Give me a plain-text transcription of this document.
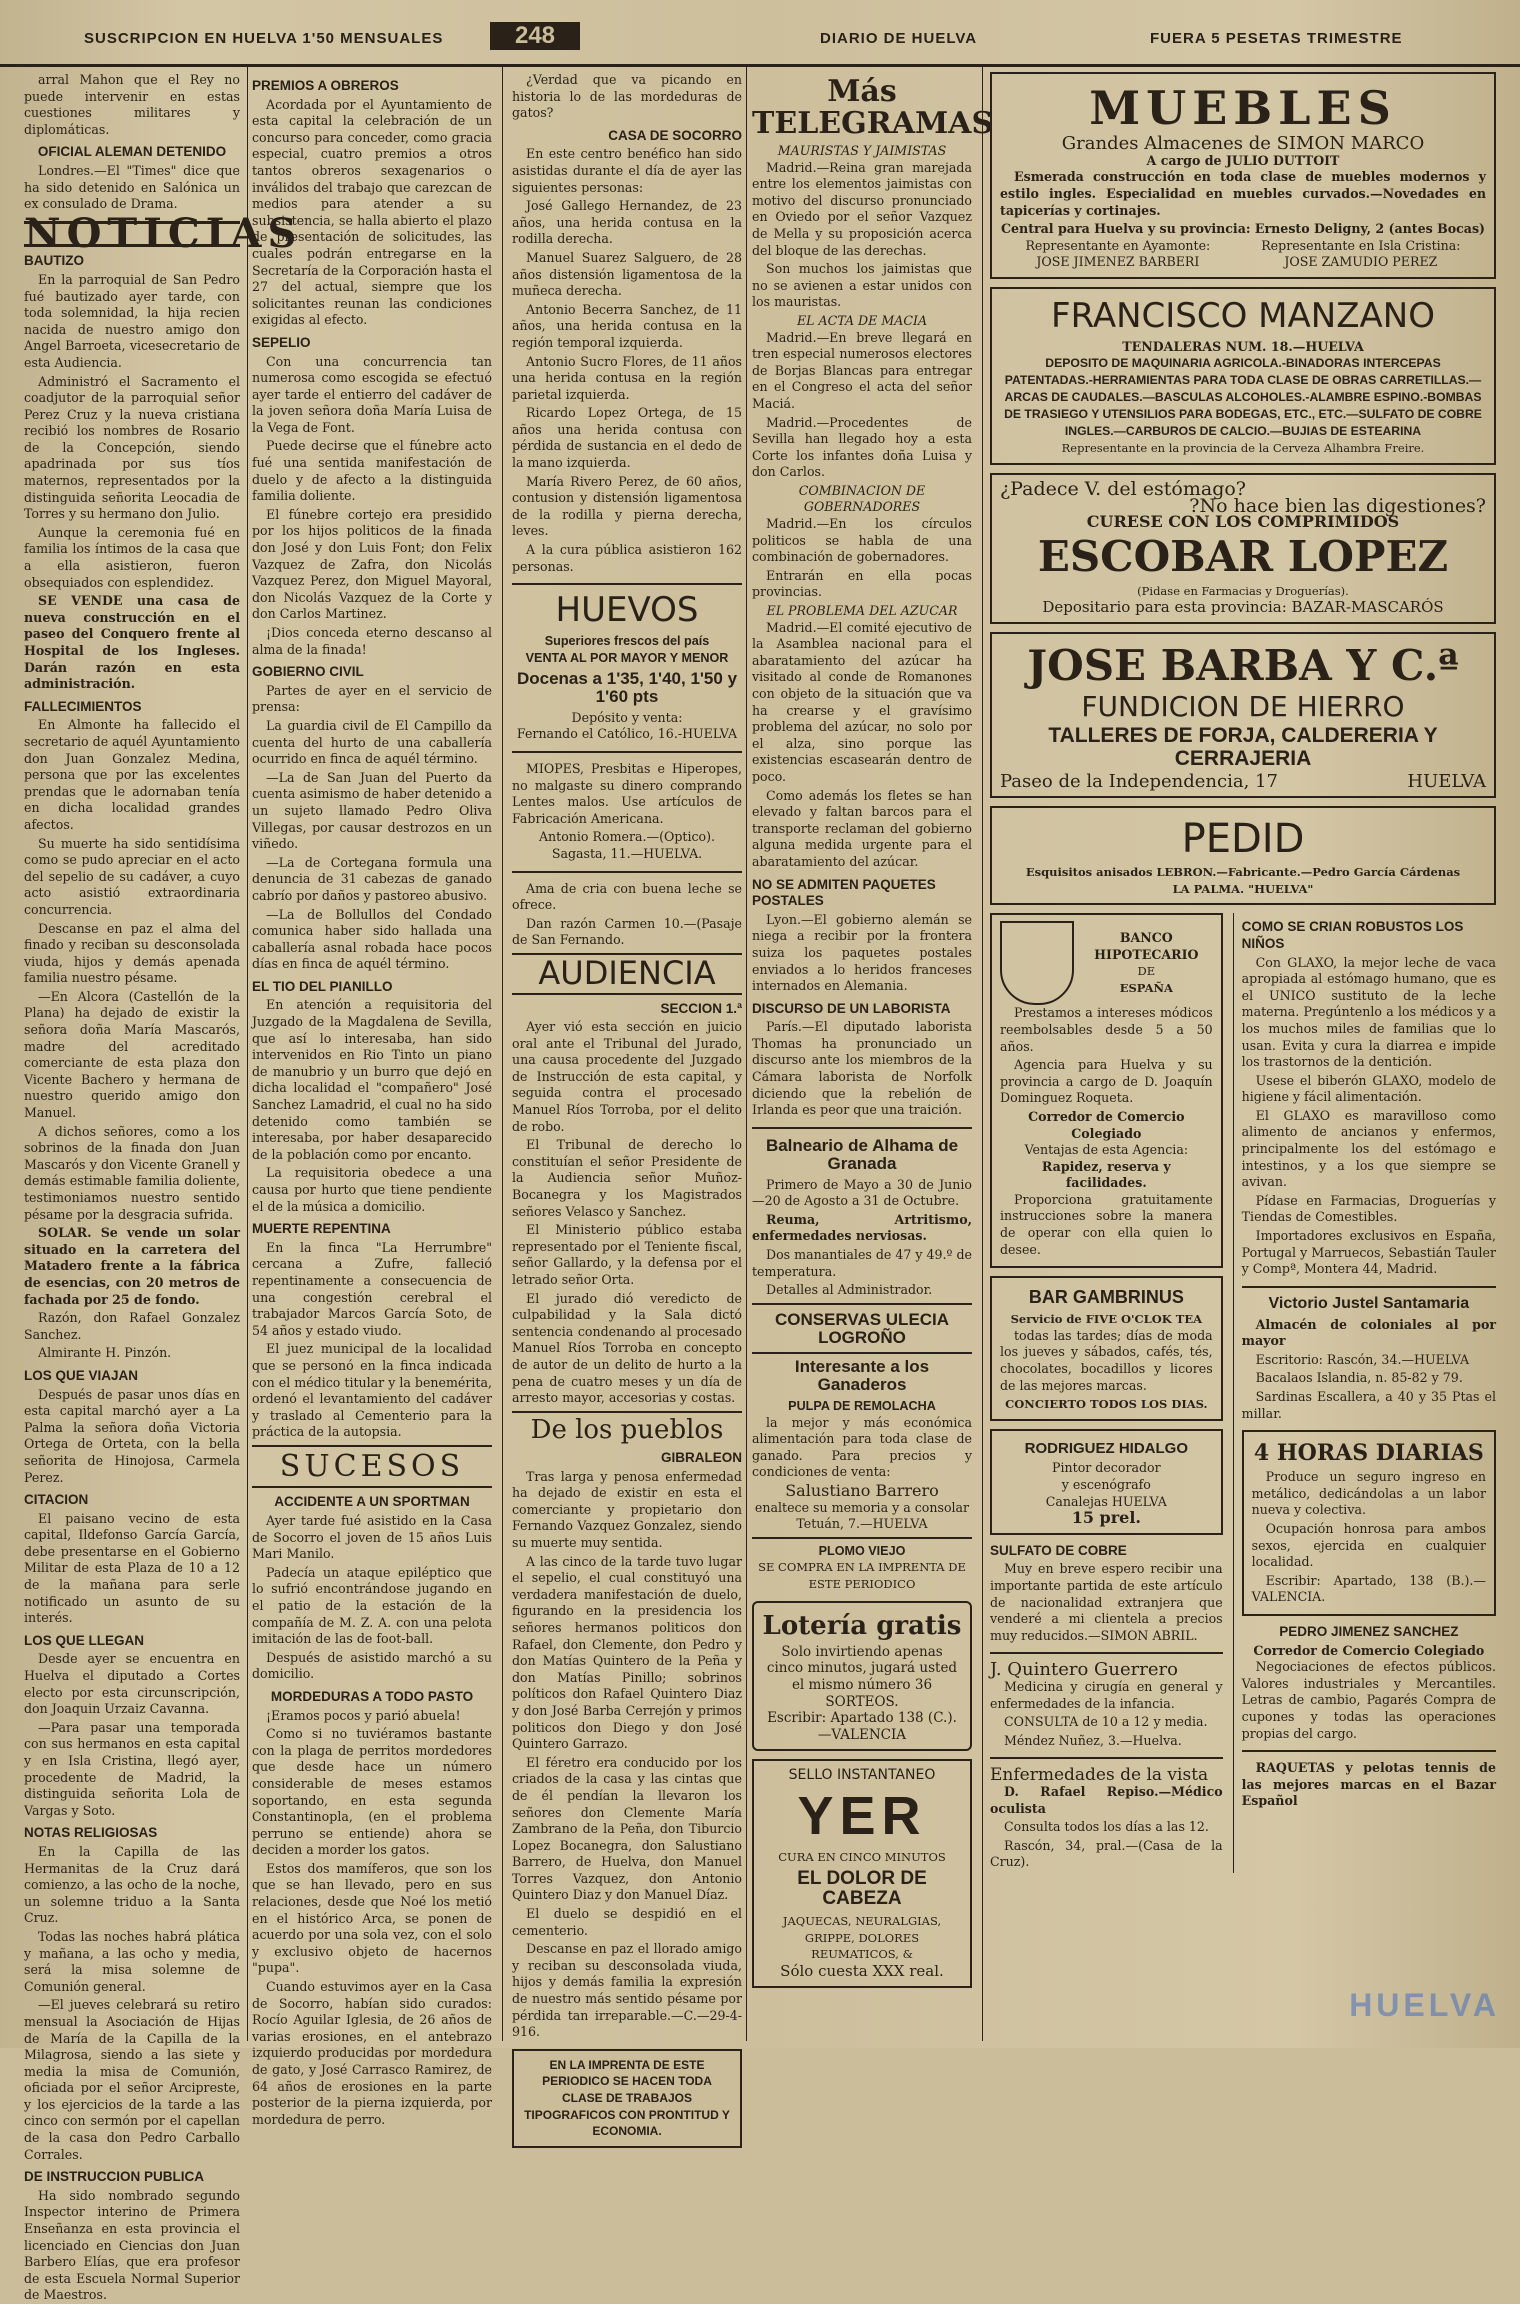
SUSCRIPCION EN HUELVA 1'50 MENSUALES	248	DIARIO DE HUELVA	FUERA 5 PESETAS TRIMESTRE

arral Mahon que el Rey no puede intervenir en estas cuestiones militares y diplomáticas.

OFICIAL ALEMAN DETENIDO

Londres.—El "Times" dice que ha sido detenido en Salónica un ex consulado de Drama.

NOTICIAS
BAUTIZO

En la parroquial de San Pedro fué bautizado ayer tarde, con toda solemnidad, la hija recien nacida de nuestro amigo don Angel Barroeta, vicesecretario de esta Audiencia.

Administró el Sacramento el coadjutor de la parroquial señor Perez Cruz y la nueva cristiana recibió los nombres de Rosario de la Concepción, siendo apadrinada por sus tíos maternos, representados por la distinguida señorita Leocadia de Torres y su hermano don Julio.

Aunque la ceremonia fué en familia los íntimos de la casa que a ella asistieron, fueron obsequiados con esplendidez.

SE VENDE una casa de nueva construcción en el paseo del Conquero frente al Hospital de los Ingleses. Darán razón en esta administración.

FALLECIMIENTOS

En Almonte ha fallecido el secretario de aquél Ayuntamiento don Juan Gonzalez Medina, persona que por las excelentes prendas que le adornaban tenía en dicha localidad grandes afectos.

Su muerte ha sido sentidísima como se pudo apreciar en el acto del sepelio de su cadáver, a cuyo acto asistió extraordinaria concurrencia.

Descanse en paz el alma del finado y reciban su desconsolada viuda, hijos y demás apenada familia nuestro pésame.

—En Alcora (Castellón de la Plana) ha dejado de existir la señora doña María Mascarós, madre del acreditado comerciante de esta plaza don Vicente Bachero y hermana de nuestro querido amigo don Manuel.

A dichos señores, como a los sobrinos de la finada don Juan Mascarós y don Vicente Granell y demás estimable familia doliente, testimoniamos nuestro sentido pésame por la desgracia sufrida.

SOLAR. Se vende un solar situado en la carretera del Matadero frente a la fábrica de esencias, con 20 metros de fachada por 25 de fondo.

Razón, don Rafael Gonzalez Sanchez.

Almirante H. Pinzón.

LOS QUE VIAJAN

Después de pasar unos días en esta capital marchó ayer a La Palma la señora doña Victoria Ortega de Orteta, con la bella señorita de Hinojosa, Carmela Perez.

CITACION

El paisano vecino de esta capital, Ildefonso García García, debe presentarse en el Gobierno Militar de esta Plaza de 10 a 12 de la mañana para serle notificado un asunto de su interés.

LOS QUE LLEGAN

Desde ayer se encuentra en Huelva el diputado a Cortes electo por esta circunscripción, don Joaquin Urzaiz Cavanna.

—Para pasar una temporada con sus hermanos en esta capital y en Isla Cristina, llegó ayer, procedente de Madrid, la distinguida señorita Lola de Vargas y Soto.

NOTAS RELIGIOSAS

En la Capilla de las Hermanitas de la Cruz dará comienzo, a las ocho de la noche, un solemne triduo a la Santa Cruz.

Todas las noches habrá plática y mañana, a las ocho y media, será la misa solemne de Comunión general.

—El jueves celebrará su retiro mensual la Asociación de Hijas de María de la Capilla de la Milagrosa, siendo a las siete y media la misa de Comunión, oficiada por el señor Arcipreste, y los ejercicios de la tarde a las cinco con sermón por el capellan de la casa don Pedro Carballo Corrales.

DE INSTRUCCION PUBLICA

Ha sido nombrado segundo Inspector interino de Primera Enseñanza en esta provincia el licenciado en Ciencias don Juan Barbero Elías, que era profesor de esta Escuela Normal Superior de Maestros.

PREMIOS A OBREROS

Acordada por el Ayuntamiento de esta capital la celebración de un concurso para conceder, como gracia especial, cuatro premios a otros tantos obreros sexagenarios o inválidos del trabajo que carezcan de medios para atender a su subsistencia, se halla abierto el plazo de presentación de solicitudes, las cuales podrán entregarse en la Secretaría de la Corporación hasta el 27 del actual, siempre que los solicitantes reunan las condiciones exigidas al efecto.

SEPELIO

Con una concurrencia tan numerosa como escogida se efectuó ayer tarde el entierro del cadáver de la joven señora doña María Luisa de la Vega de Font.

Puede decirse que el fúnebre acto fué una sentida manifestación de duelo y de afecto a la distinguida familia doliente.

El fúnebre cortejo era presidido por los hijos politicos de la finada don José y don Luis Font; don Felix Vazquez de Zafra, don Nicolás Vazquez Perez, don Miguel Mayoral, don Nicolás Vazquez de la Corte y don Carlos Martinez.

¡Dios conceda eterno descanso al alma de la finada!

GOBIERNO CIVIL

Partes de ayer en el servicio de prensa:

La guardia civil de El Campillo da cuenta del hurto de una caballería ocurrido en finca de aquél término.

—La de San Juan del Puerto da cuenta asimismo de haber detenido a un sujeto llamado Pedro Oliva Villegas, por causar destrozos en un viñedo.

—La de Cortegana formula una denuncia de 31 cabezas de ganado cabrío por daños y pastoreo abusivo.

—La de Bollullos del Condado comunica haber sido hallada una caballería asnal robada hace pocos días en finca de aquél término.

EL TIO DEL PIANILLO

En atención a requisitoria del Juzgado de la Magdalena de Sevilla, que así lo interesaba, han sido intervenidos en Rio Tinto un piano de manubrio y un burro que dejó en dicha localidad el "compañero" José Sanchez Lamadrid, el cual no ha sido detenido como también se interesaba, por haber desaparecido de la población como por encanto.

La requisitoria obedece a una causa por hurto que tiene pendiente el de la música a domicilio.

MUERTE REPENTINA

En la finca "La Herrumbre" cercana a Zufre, falleció repentinamente a consecuencia de una congestión cerebral el trabajador Marcos García Soto, de 54 años y estado viudo.

El juez municipal de la localidad que se personó en la finca indicada con el médico titular y la benemérita, ordenó el levantamiento del cadáver y traslado al Cementerio para la práctica de la autopsia.

SUCESOS
ACCIDENTE A UN SPORTMAN

Ayer tarde fué asistido en la Casa de Socorro el joven de 15 años Luis Mari Manilo.

Padecía un ataque epiléptico que lo sufrió encontrándose jugando en el patio de la estación de la compañía de M. Z. A. con una pelota imitación de las de foot-ball.

Después de asistido marchó a su domicilio.

MORDEDURAS A TODO PASTO

¡Eramos pocos y parió abuela!

Como si no tuviéramos bastante con la plaga de perritos mordedores que desde hace un número considerable de meses estamos soportando, en esta segunda Constantinopla, (en el problema perruno se entiende) ahora se deciden a morder los gatos.

Estos dos mamíferos, que son los que se han llevado, pero en sus relaciones, desde que Noé los metió en el histórico Arca, se ponen de acuerdo por una sola vez, con el solo y exclusivo objeto de hacernos "pupa".

Cuando estuvimos ayer en la Casa de Socorro, habían sido curados: Rocío Aguilar Iglesia, de 26 años de varias erosiones, en el antebrazo izquierdo producidas por mordedura de gato, y José Carrasco Ramirez, de 64 años de erosiones en la parte posterior de la pierna izquierda, por mordedura de perro.

¿Verdad que va picando en historia lo de las mordeduras de gatos?

CASA DE SOCORRO

En este centro benéfico han sido asistidas durante el día de ayer las siguientes personas:

José Gallego Hernandez, de 23 años, una herida contusa en la rodilla derecha.

Manuel Suarez Salguero, de 28 años distensión ligamentosa de la muñeca derecha.

Antonio Becerra Sanchez, de 11 años, una herida contusa en la región temporal izquierda.

Antonio Sucro Flores, de 11 años una herida contusa en la región parietal izquierda.

Ricardo Lopez Ortega, de 15 años una herida contusa con pérdida de sustancia en el dedo de la mano izquierda.

María Rivero Perez, de 60 años, contusion y distensión ligamentosa de la rodilla y pierna derecha, leves.

A la cura pública asistieron 162 personas.

HUEVOS
Superiores frescos del país
VENTA AL POR MAYOR Y MENOR
Docenas a 1'35, 1'40, 1'50 y 1'60 pts
Depósito y venta:
Fernando el Católico, 16.-HUELVA

MIOPES, Presbitas e Hiperopes, no malgaste su dinero comprando Lentes malos. Use artículos de Fabricación Americana.

Antonio Romera.—(Optico).
Sagasta, 11.—HUELVA.

Ama de cria con buena leche se ofrece.

Dan razón Carmen 10.—(Pasaje de San Fernando.

AUDIENCIA
SECCION 1.ª

Ayer vió esta sección en juicio oral ante el Tribunal del Jurado, una causa procedente del Juzgado de Instrucción de esta capital, y seguida contra el procesado Manuel Ríos Torroba, por el delito de robo.

El Tribunal de derecho lo constituían el señor Presidente de la Audiencia señor Muñoz-Bocanegra y los Magistrados señores Velasco y Sanchez.

El Ministerio público estaba representado por el Teniente fiscal, señor Gallardo, y la defensa por el letrado señor Orta.

El jurado dió veredicto de culpabilidad y la Sala dictó sentencia condenando al procesado Manuel Ríos Torroba en concepto de autor de un delito de hurto a la pena de cuatro meses y un día de arresto mayor, accesorias y costas.

De los pueblos
GIBRALEON

Tras larga y penosa enfermedad ha dejado de existir en esta el comerciante y propietario don Fernando Vazquez Gonzalez, siendo su muerte muy sentida.

A las cinco de la tarde tuvo lugar el sepelio, el cual constituyó una verdadera manifestación de duelo, figurando en la presidencia los señores hermanos politicos don Rafael, don Clemente, don Pedro y don Matías Quintero de la Peña y don Matías Pinillo; sobrinos políticos don Rafael Quintero Diaz y don José Barba Cerrejón y primos politicos don Diego y don José Quintero Garrazo.

El féretro era conducido por los criados de la casa y las cintas que de él pendían la llevaron los señores don Clemente María Zambrano de la Peña, don Tiburcio Lopez Bocanegra, don Salustiano Barrero, de Huelva, don Manuel Torres Vazquez, don Antonio Quintero Diaz y don Manuel Díaz.

El duelo se despidió en el cementerio.

Descanse en paz el llorado amigo y reciban su desconsolada viuda, hijos y demás familia la expresión de nuestro más sentido pésame por pérdida tan irreparable.—C.—29-4-916.

EN LA IMPRENTA DE ESTE PERIODICO SE HACEN TODA CLASE DE TRABAJOS TIPOGRAFICOS CON PRONTITUD Y ECONOMIA.
Más TELEGRAMAS
MAURISTAS Y JAIMISTAS

Madrid.—Reina gran marejada entre los elementos jaimistas con motivo del discurso pronunciado en Oviedo por el señor Vazquez de Mella y su proposición acerca del bloque de las derechas.

Son muchos los jaimistas que no se avienen a estar unidos con los mauristas.

EL ACTA DE MACIA

Madrid.—En breve llegará en tren especial numerosos electores de Borjas Blancas para entregar en el Congreso el acta del señor Maciá.

Madrid.—Procedentes de Sevilla han llegado hoy a esta Corte los infantes doña Luisa y don Carlos.

COMBINACION DE GOBERNADORES

Madrid.—En los círculos politicos se habla de una combinación de gobernadores.

Entrarán en ella pocas provincias.

EL PROBLEMA DEL AZUCAR

Madrid.—El comité ejecutivo de la Asamblea nacional para el abaratamiento del azúcar ha visitado al conde de Romanones con objeto de la situación que va ha crearse y el gravísimo problema del azúcar, no solo por el alza, sino porque las existencias escasearán dentro de poco.

Como además los fletes se han elevado y faltan barcos para el transporte reclaman del gobierno alguna medida urgente para el abaratamiento del azúcar.

NO SE ADMITEN PAQUETES POSTALES

Lyon.—El gobierno alemán se niega a recibir por la frontera suiza los paquetes postales enviados a lo heridos franceses internados en Alemania.

DISCURSO DE UN LABORISTA

París.—El diputado laborista Thomas ha pronunciado un discurso ante los miembros de la Cámara laborista de Norfolk diciendo que la rebelión de Irlanda es peor que una traición.

Balneario de Alhama de Granada

Primero de Mayo a 30 de Junio—20 de Agosto a 31 de Octubre.

Reuma, Artritismo, enfermedades nerviosas.

Dos manantiales de 47 y 49.º de temperatura.

Detalles al Administrador.

CONSERVAS ULECIA LOGROÑO
Interesante a los Ganaderos
PULPA DE REMOLACHA

la mejor y más económica alimentación para toda clase de ganado. Para precios y condiciones de venta:

Salustiano Barrero
enaltece su memoria y a consolar
Tetuán, 7.—HUELVA
PLOMO VIEJO
SE COMPRA EN LA IMPRENTA DE ESTE PERIODICO
Lotería gratis
Solo invirtiendo apenas cinco minutos, jugará usted el mismo número 36 SORTEOS.
Escribir: Apartado 138 (C.).—VALENCIA
SELLO INSTANTANEO
YER
CURA EN CINCO MINUTOS
EL DOLOR DE CABEZA
JAQUECAS, NEURALGIAS, GRIPPE, DOLORES REUMATICOS, &
Sólo cuesta XXX real.
MUEBLES
Grandes Almacenes de SIMON MARCO
A cargo de JULIO DUTTOIT

Esmerada construcción en toda clase de muebles modernos y estilo ingles. Especialidad en muebles curvados.—Novedades en tapicerías y cortinajes.

Central para Huelva y su provincia: Ernesto Deligny, 2 (antes Bocas)
Representante en Ayamonte:
JOSE JIMENEZ BARBERI
Representante en Isla Cristina:
JOSE ZAMUDIO PEREZ
FRANCISCO MANZANO
TENDALERAS NUM. 18.—HUELVA
DEPOSITO DE MAQUINARIA AGRICOLA.-BINADORAS INTERCEPAS PATENTADAS.-HERRAMIENTAS PARA TODA CLASE DE OBRAS CARRETILLAS.—ARCAS DE CAUDALES.—BASCULAS ALCOHOLES.-ALAMBRE ESPINO.-BOMBAS DE TRASIEGO Y UTENSILIOS PARA BODEGAS, ETC., ETC.—SULFATO DE COBRE INGLES.—CARBUROS DE CALCIO.—BUJIAS DE ESTEARINA
Representante en la provincia de la Cerveza Alhambra Freire.
¿Padece V. del estómago?
?No hace bien las digestiones?
CURESE CON LOS COMPRIMIDOS
ESCOBAR LOPEZ
(Pidase en Farmacias y Droguerías).
Depositario para esta provincia: BAZAR-MASCARÓS
JOSE BARBA Y C.ª
FUNDICION DE HIERRO
TALLERES DE FORJA, CALDERERIA Y CERRAJERIA
Paseo de la Independencia, 17	HUELVA
PEDID
Esquisitos anisados LEBRON.—Fabricante.—Pedro García Cárdenas
LA PALMA. "HUELVA"
BANCO HIPOTECARIO
DE
ESPAÑA

Prestamos a intereses módicos reembolsables desde 5 a 50 años.

Agencia para Huelva y su provincia a cargo de D. Joaquín Dominguez Roqueta.

Corredor de Comercio Colegiado
Ventajas de esta Agencia:
Rapidez, reserva y facilidades.

Proporciona gratuitamente instrucciones sobre la manera de operar con ella quien lo desee.

BAR GAMBRINUS
Servicio de FIVE O'CLOK TEA

todas las tardes; días de moda los jueves y sábados, cafés, tés, chocolates, bocadillos y licores de las mejores marcas.

CONCIERTO TODOS LOS DIAS.
RODRIGUEZ HIDALGO
Pintor decorador
y escenógrafo
Canalejas HUELVA
15 prel.
SULFATO DE COBRE

Muy en breve espero recibir una importante partida de este artículo de nacionalidad extranjera que venderé a mi clientela a precios muy reducidos.—SIMON ABRIL.

J. Quintero Guerrero

Medicina y cirugía en general y enfermedades de la infancia.

CONSULTA de 10 a 12 y media.

Méndez Nuñez, 3.—Huelva.

Enfermedades de la vista

D. Rafael Repiso.—Médico oculista

Consulta todos los días a las 12.

Rascón, 34, pral.—(Casa de la Cruz).

COMO SE CRIAN ROBUSTOS LOS NIÑOS

Con GLAXO, la mejor leche de vaca apropiada al estómago humano, que es el UNICO sustituto de la leche materna. Pregúntenlo a los médicos y a los muchos miles de familias que lo usan. Evita y cura la diarrea e impide los trastornos de la dentición.

Usese el biberón GLAXO, modelo de higiene y fácil alimentación.

El GLAXO es maravilloso como alimento de ancianos y enfermos, principalmente los del estómago e intestinos, y a los que siempre se avivan.

Pídase en Farmacias, Droguerías y Tiendas de Comestibles.

Importadores exclusivos en España, Portugal y Marruecos, Sebastián Tauler y Compª, Montera 44, Madrid.

Victorio Justel Santamaria

Almacén de coloniales al por mayor

Escritorio: Rascón, 34.—HUELVA

Bacalaos Islandia, n. 85-82 y 79.

Sardinas Escallera, a 40 y 35 Ptas el millar.

4 HORAS DIARIAS

Produce un seguro ingreso en metálico, dedicándolas a un labor nueva y colectiva.

Ocupación honrosa para ambos sexos, ejercida en cualquier localidad.

Escribir: Apartado, 138 (B.).—VALENCIA.

PEDRO JIMENEZ SANCHEZ
Corredor de Comercio Colegiado

Negociaciones de efectos públicos. Valores industriales y Mercantiles. Letras de cambio, Pagarés Compra de cupones y todas las operaciones propias del cargo.

RAQUETAS y pelotas tennis de las mejores marcas en el Bazar Español

HUELVA
